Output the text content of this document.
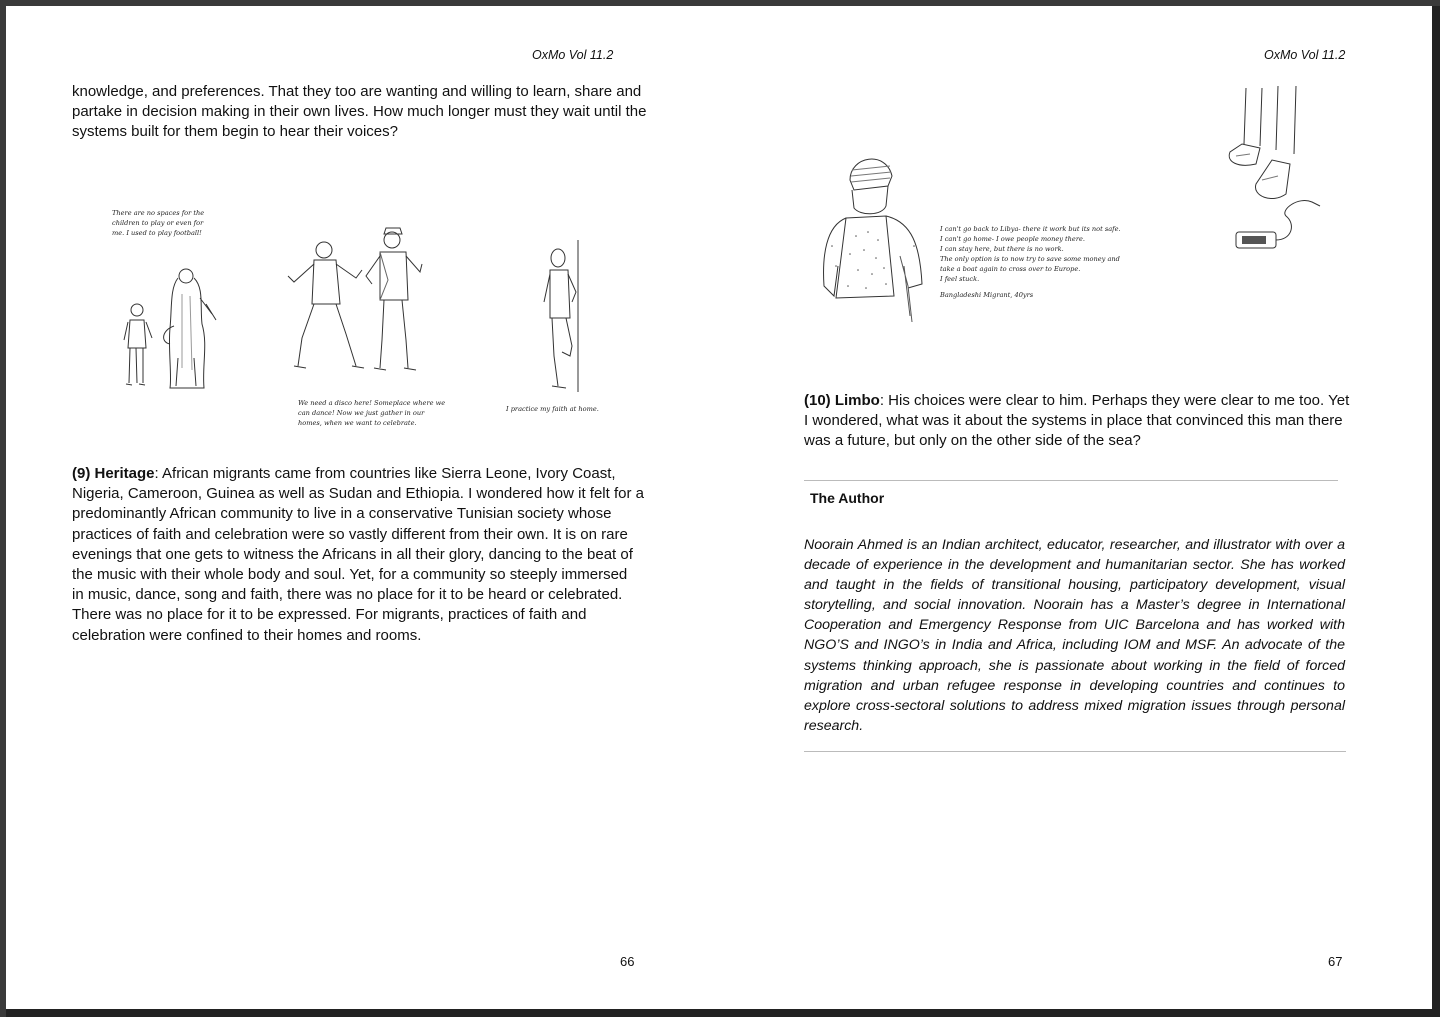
OxMo Vol 11.2
knowledge, and preferences. That they too are wanting and willing to learn, share and
partake in decision making in their own lives. How much longer must they wait until the
systems built for them begin to hear their voices?
There are no spaces for the
children to play or even for
me. I used to play football!
We need a disco here! Someplace where we
can dance! Now we just gather in our
homes, when we want to celebrate.
I practice my faith at home.
(9) Heritage: African migrants came from countries like Sierra Leone, Ivory Coast,
Nigeria, Cameroon, Guinea as well as Sudan and Ethiopia. I wondered how it felt for a
predominantly African community to live in a conservative Tunisian society whose
practices of faith and celebration were so vastly different from their own. It is on rare
evenings that one gets to witness the Africans in all their glory, dancing to the beat of
the music with their whole body and soul. Yet, for a community so steeply immersed
in music, dance, song and faith, there was no place for it to be heard or celebrated.
There was no place for it to be expressed. For migrants, practices of faith and
celebration were confined to their homes and rooms.
66
OxMo Vol 11.2
I can't go back to Libya- there it work but its not safe.
I can't go home- I owe people money there.
I can stay here, but there is no work.
The only option is to now try to save some money and
take a boat again to cross over to Europe.
I feel stuck.
Bangladeshi Migrant, 40yrs
(10) Limbo: His choices were clear to him. Perhaps they were clear to me too. Yet
I wondered, what was it about the systems in place that convinced this man there
was a future, but only on the other side of the sea?
The Author

Noorain Ahmed is an Indian architect, educator, researcher, and illustrator with over a decade of experience in the development and humanitarian sector. She has worked and taught in the fields of transitional housing, participatory development, visual storytelling, and social innovation. Noorain has a Master’s degree in International Cooperation and Emergency Response from UIC Barcelona and has worked with NGO’S and INGO’s in India and Africa, including IOM and MSF. An advocate of the systems thinking approach, she is passionate about working in the field of forced migration and urban refugee response in developing countries and continues to explore cross-sectoral solutions to address mixed migration issues through personal research.

67
